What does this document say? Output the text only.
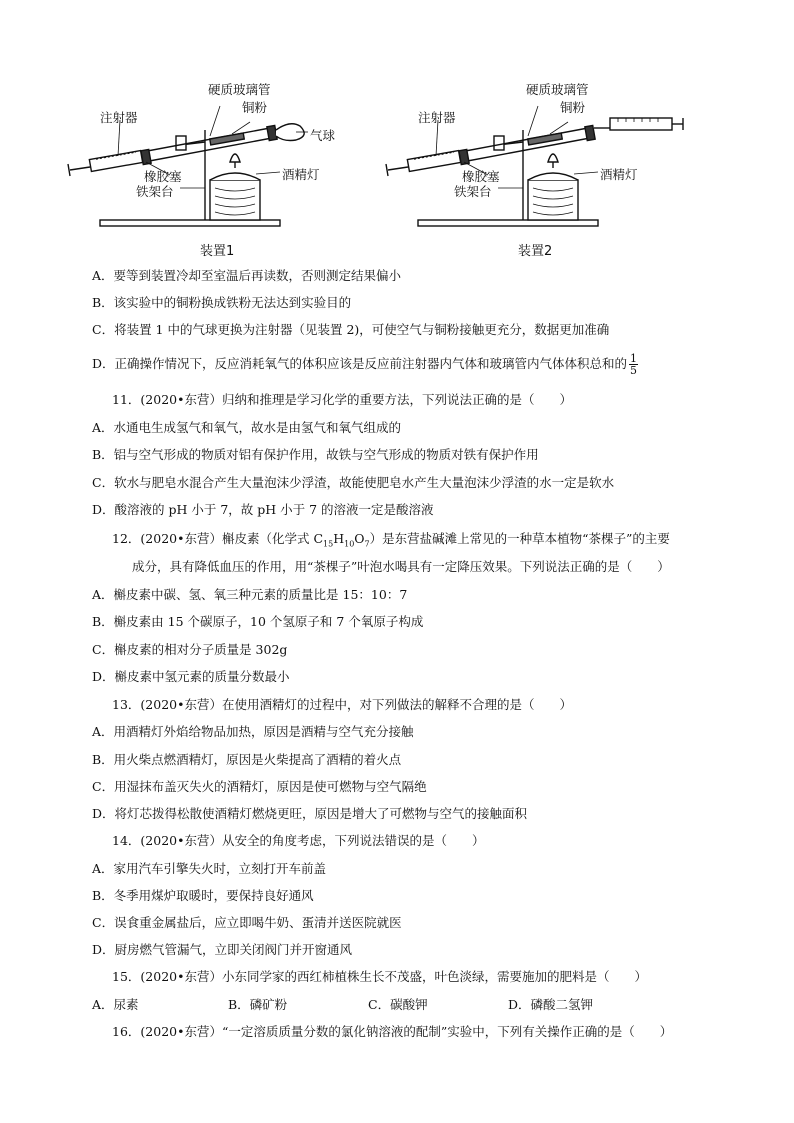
硬质玻璃管
铜粉
注射器
橡胶塞
气球
酒精灯
铁架台
装置1
硬质玻璃管
铜粉
注射器
橡胶塞	酒精灯
铁架台
装置2
A．要等到装置冷却至室温后再读数，否则测定结果偏小
B．该实验中的铜粉换成铁粉无法达到实验目的
C．将装置 1 中的气球更换为注射器（见装置 2)，可使空气与铜粉接触更充分，数据更加准确
D．正确操作情况下，反应消耗氧气的体积应该是反应前注射器内气体和玻璃管内气体体积总和的 $\frac{1}{5}$
11．(2020•东营）归纳和推理是学习化学的重要方法，下列说法正确的是（　　）
A．水通电生成氢气和氧气，故水是由氢气和氧气组成的
B．铝与空气形成的物质对铝有保护作用，故铁与空气形成的物质对铁有保护作用
C．软水与肥皂水混合产生大量泡沫少浮渣，故能使肥皂水产生大量泡沫少浮渣的水一定是软水
D．酸溶液的 pH 小于 7，故 pH 小于 7 的溶液一定是酸溶液
12．(2020•东营）槲皮素（化学式 $C_{15}H_{10}O_7$）是东营盐碱滩上常见的一种草本植物“茶棵子”的主要
成分，具有降低血压的作用，用“茶棵子”叶泡水喝具有一定降压效果。下列说法正确的是（　　）
A．槲皮素中碳、氢、氧三种元素的质量比是 15：10：7
B．槲皮素由 15 个碳原子，10 个氢原子和 7 个氧原子构成
C．槲皮素的相对分子质量是 302g
D．槲皮素中氢元素的质量分数最小
13．(2020•东营）在使用酒精灯的过程中，对下列做法的解释不合理的是（　　）
A．用酒精灯外焰给物品加热，原因是酒精与空气充分接触
B．用火柴点燃酒精灯，原因是火柴提高了酒精的着火点
C．用湿抹布盖灭失火的酒精灯，原因是使可燃物与空气隔绝
D．将灯芯拨得松散使酒精灯燃烧更旺，原因是增大了可燃物与空气的接触面积
14．(2020•东营）从安全的角度考虑，下列说法错误的是（　　）
A．家用汽车引擎失火时，立刻打开车前盖
B．冬季用煤炉取暖时，要保持良好通风
C．误食重金属盐后，应立即喝牛奶、蛋清并送医院就医
D．厨房燃气管漏气，立即关闭阀门并开窗通风
15．(2020•东营）小东同学家的西红柿植株生长不茂盛，叶色淡绿，需要施加的肥料是（　　）
A．尿素	B．磷矿粉	C．碳酸钾	D．磷酸二氢钾
16．(2020•东营）“一定溶质质量分数的氯化钠溶液的配制”实验中，下列有关操作正确的是（　　）
